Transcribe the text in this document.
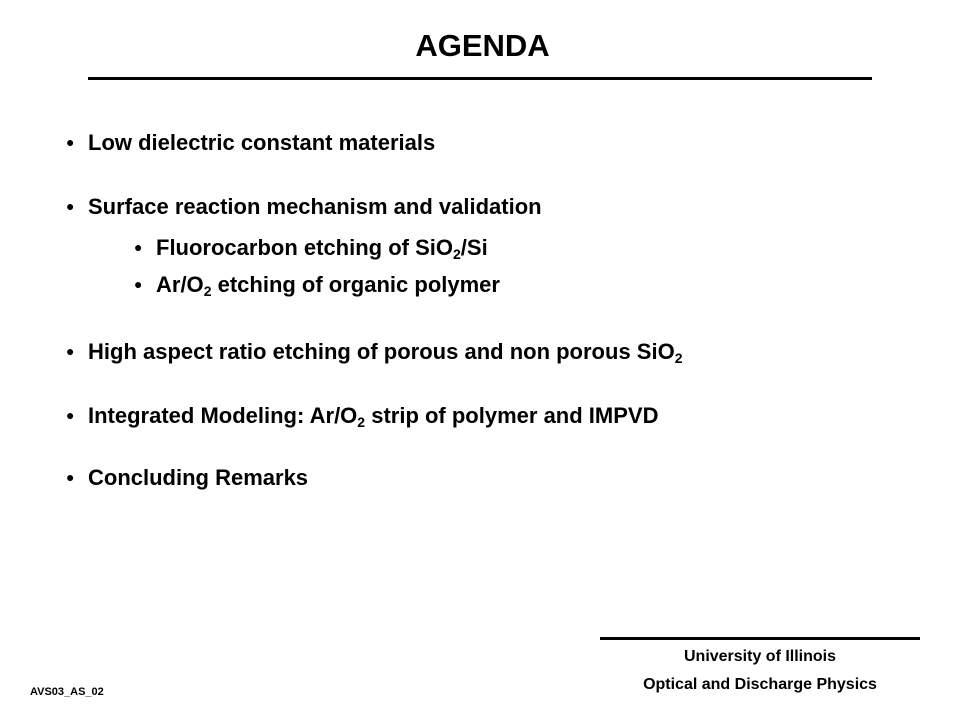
AGENDA
● Low dielectric constant materials
● Surface reaction mechanism and validation
● Fluorocarbon etching of SiO$_2$/Si
● $Ar/O_2$ etching of organic polymer
● High aspect ratio etching of porous and non porous SiO$_2$
● Integrated Modeling: $Ar/O_2$ strip of polymer and IMPVD
● Concluding Remarks
University of Illinois
Optical and Discharge Physics
AVS03_AS_02
